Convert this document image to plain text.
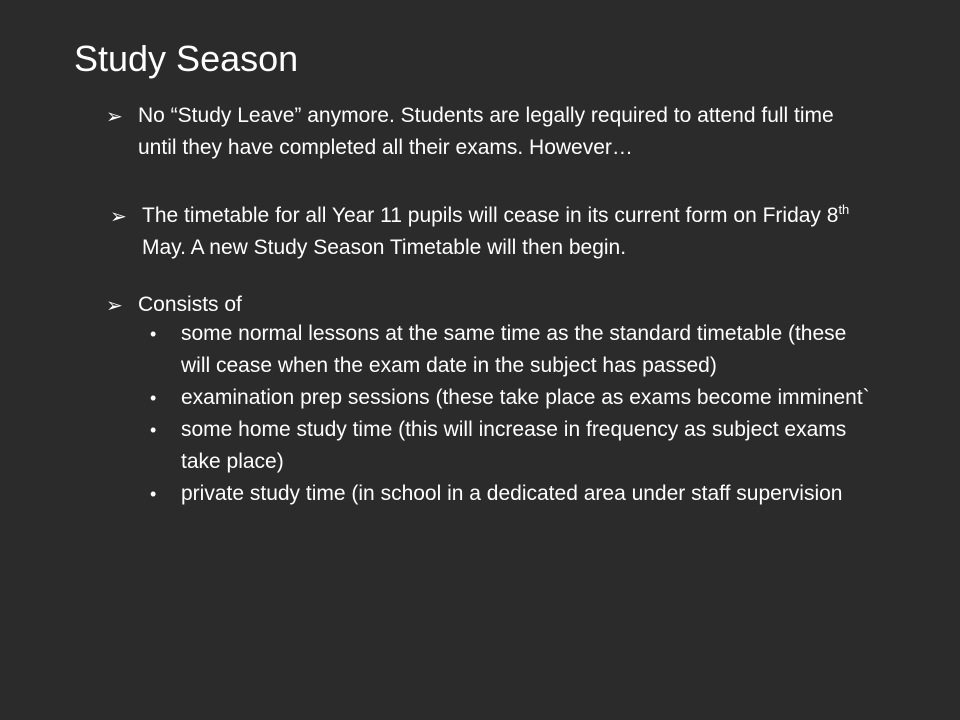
Study Season
➢ No “Study Leave” anymore. Students are legally required to attend full time until they have completed all their exams. However…
➢ The timetable for all Year 11 pupils will cease in its current form on Friday 8th May. A new Study Season Timetable will then begin.
➢ Consists of
• some normal lessons at the same time as the standard timetable (these will cease when the exam date in the subject has passed)
• examination prep sessions (these take place as exams become imminent`
• some home study time (this will increase in frequency as subject exams take place)
• private study time (in school in a dedicated area under staff supervision
